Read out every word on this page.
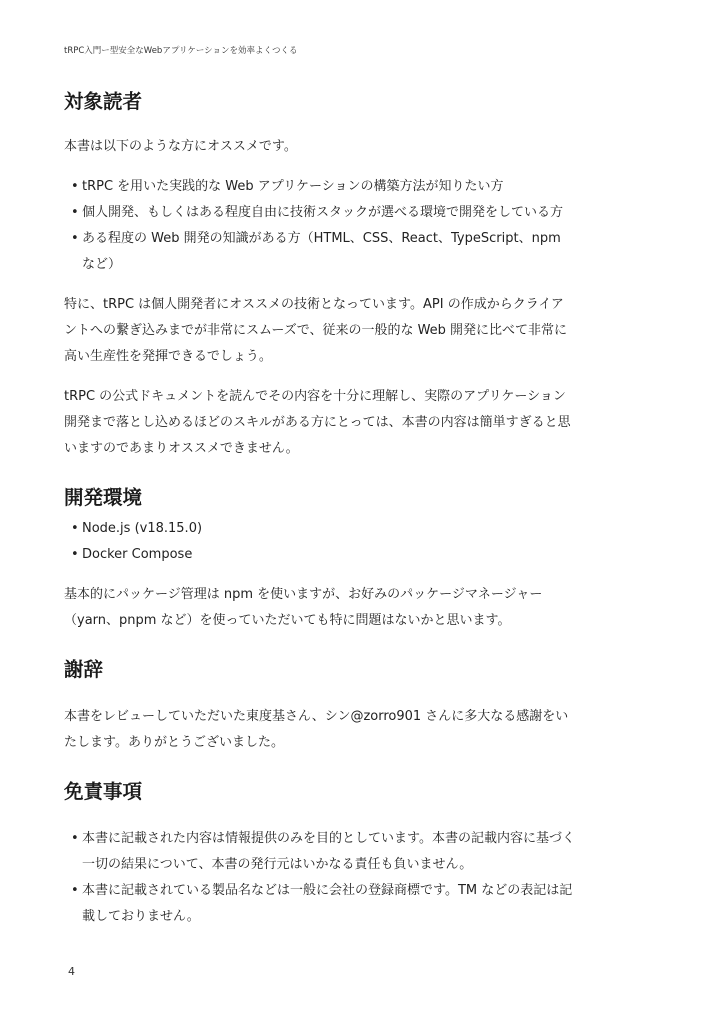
tRPC入門ー型安全なWebアプリケーションを効率よくつくる
対象読者

本書は以下のような方にオススメです。

• tRPC を用いた実践的な Web アプリケーションの構築方法が知りたい方
• 個人開発、もしくはある程度自由に技術スタックが選べる環境で開発をしている方
• ある程度の Web 開発の知識がある方（HTML、CSS、React、TypeScript、npm
など）

特に、tRPC は個人開発者にオススメの技術となっています。API の作成からクライア
ントへの繋ぎ込みまでが非常にスムーズで、従来の一般的な Web 開発に比べて非常に
高い生産性を発揮できるでしょう。

tRPC の公式ドキュメントを読んでその内容を十分に理解し、実際のアプリケーション
開発まで落とし込めるほどのスキルがある方にとっては、本書の内容は簡単すぎると思
いますのであまりオススメできません。

開発環境
• Node.js (v18.15.0)
• Docker Compose

基本的にパッケージ管理は npm を使いますが、お好みのパッケージマネージャー
（yarn、pnpm など）を使っていただいても特に問題はないかと思います。

謝辞

本書をレビューしていただいた東度基さん、シン@zorro901 さんに多大なる感謝をい
たします。ありがとうございました。

免責事項
• 本書に記載された内容は情報提供のみを目的としています。本書の記載内容に基づく
一切の結果について、本書の発行元はいかなる責任も負いません。
• 本書に記載されている製品名などは一般に会社の登録商標です。TM などの表記は記
載しておりません。
4
